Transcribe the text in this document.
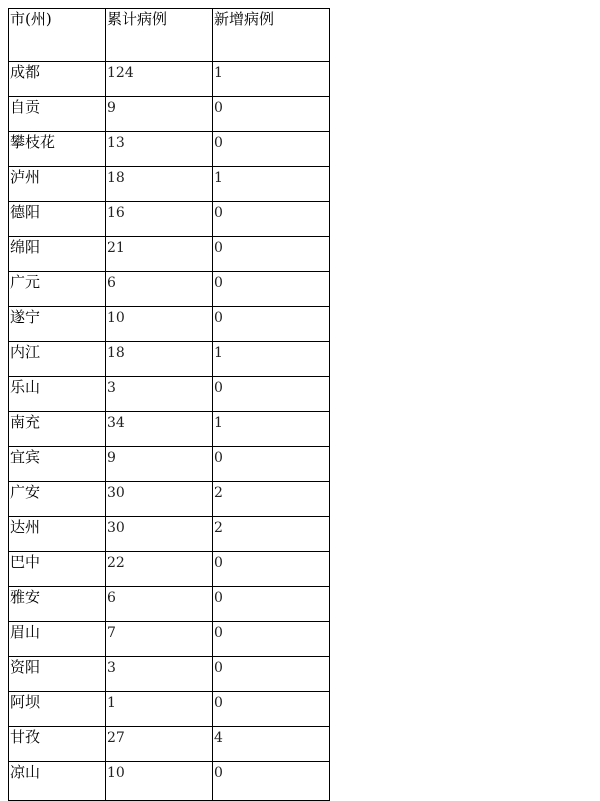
市(州)	累计病例	新增病例
成都	124	1
自贡	9	0
攀枝花	13	0
泸州	18	1
德阳	16	0
绵阳	21	0
广元	6	0
遂宁	10	0
内江	18	1
乐山	3	0
南充	34	1
宜宾	9	0
广安	30	2
达州	30	2
巴中	22	0
雅安	6	0
眉山	7	0
资阳	3	0
阿坝	1	0
甘孜	27	4
凉山	10	0
